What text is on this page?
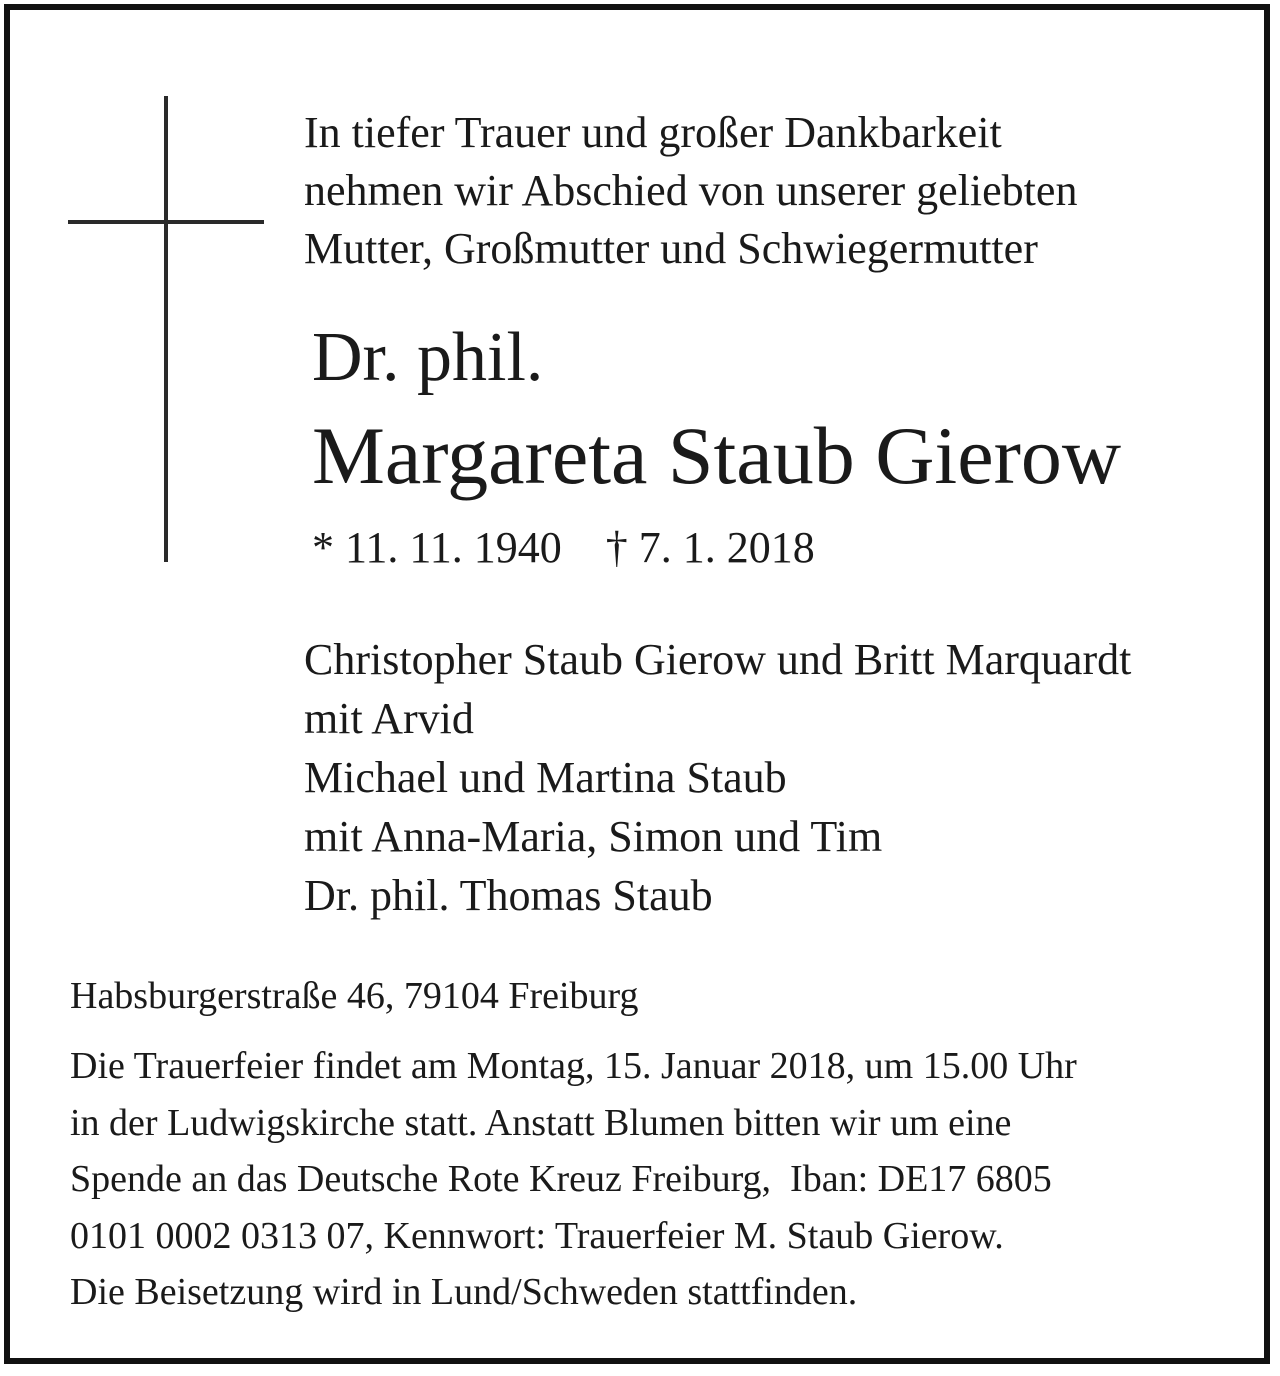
In tiefer Trauer und großer Dankbarkeit
nehmen wir Abschied von unserer geliebten
Mutter, Großmutter und Schwiegermutter
Dr. phil.
Margareta Staub Gierow
* 11. 11. 1940 † 7. 1. 2018
Christopher Staub Gierow und Britt Marquardt
mit Arvid
Michael und Martina Staub
mit Anna-Maria, Simon und Tim
Dr. phil. Thomas Staub
Habsburgerstraße 46, 79104 Freiburg
Die Trauerfeier findet am Montag, 15. Januar 2018, um 15.00 Uhr
in der Ludwigskirche statt. Anstatt Blumen bitten wir um eine
Spende an das Deutsche Rote Kreuz Freiburg,  Iban: DE17 6805
0101 0002 0313 07, Kennwort: Trauerfeier M. Staub Gierow.
Die Beisetzung wird in Lund/Schweden stattfinden.
